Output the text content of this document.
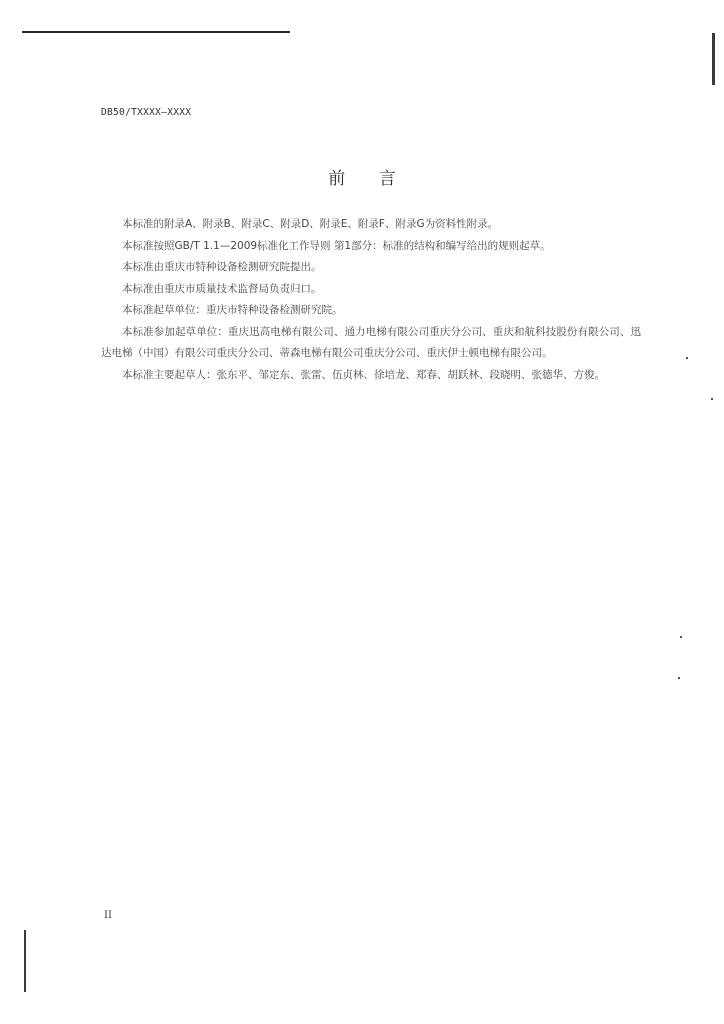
DB50/TXXXX—XXXX
前 言

本标准的附录A、附录B、附录C、附录D、附录E、附录F、附录G为资料性附录。

本标准按照GB/T 1.1—2009标准化工作导则 第1部分：标准的结构和编写给出的规则起草。

本标准由重庆市特种设备检测研究院提出。

本标准由重庆市质量技术监督局负责归口。

本标准起草单位：重庆市特种设备检测研究院。

本标准参加起草单位：重庆迅高电梯有限公司、通力电梯有限公司重庆分公司、重庆和航科技股份有限公司、迅达电梯（中国）有限公司重庆分公司、蒂森电梯有限公司重庆分公司、重庆伊士顿电梯有限公司。

本标准主要起草人：张东平、邹定东、张雷、伍贞林、徐培龙、郑春、胡跃林、段晓明、张德华、方俊。

II
